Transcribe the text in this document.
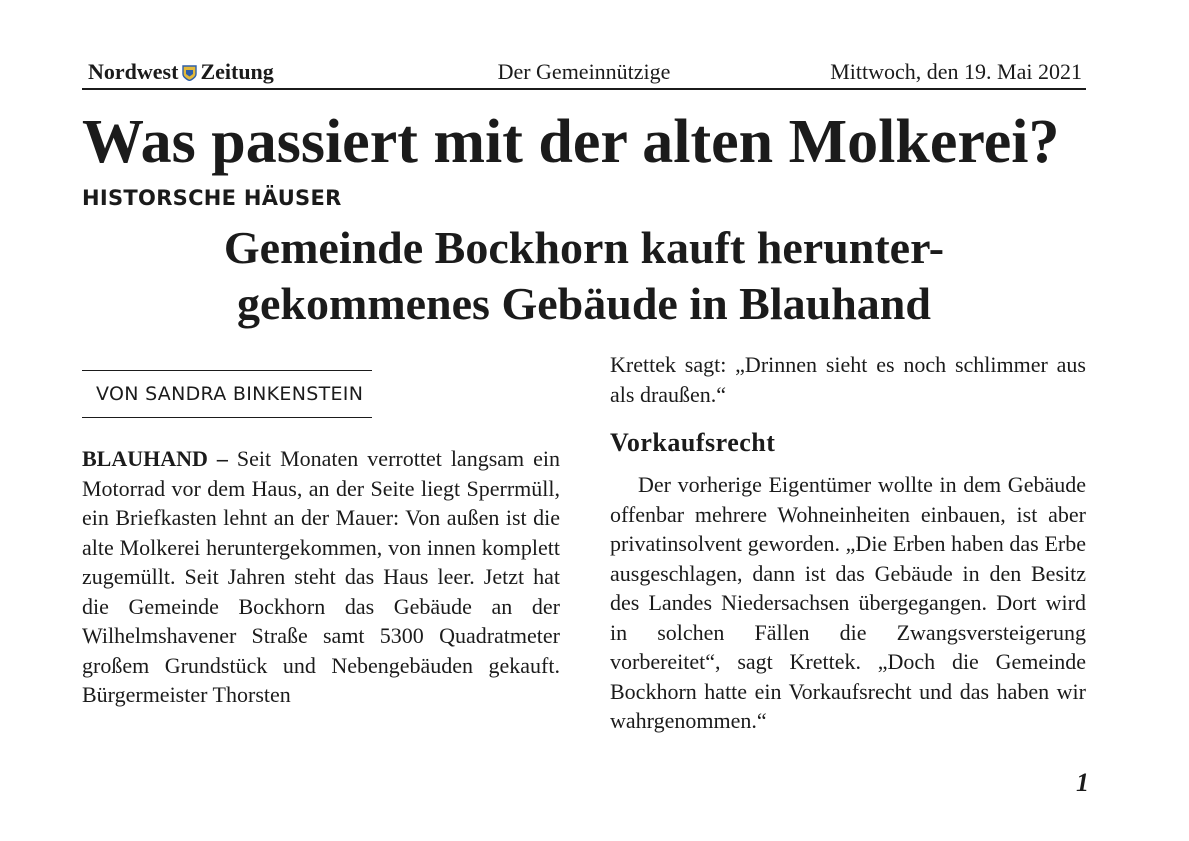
Nordwest Zeitung	Der Gemeinnützige	Mittwoch, den 19. Mai 2021
Was passiert mit der alten Molkerei?
HISTORSCHE HÄUSER
Gemeinde Bockhorn kauft herunter-
gekommenes Gebäude in Blauhand
VON SANDRA BINKENSTEIN
BLAUHAND – Seit Monaten verrottet langsam ein Motorrad vor dem Haus, an der Seite liegt Sperrmüll, ein Briefkasten lehnt an der Mauer: Von außen ist die alte Molkerei heruntergekommen, von innen komplett zugemüllt. Seit Jahren steht das Haus leer. Jetzt hat die Gemeinde Bockhorn das Gebäude an der Wilhelmshavener Straße samt 5300 Quadratmeter großem Grundstück und Nebengebäuden gekauft. Bürgermeister Thorsten
Krettek sagt: „Drinnen sieht es noch schlimmer aus als draußen.“
Vorkaufsrecht
Der vorherige Eigentümer wollte in dem Gebäude offenbar mehrere Wohneinheiten einbauen, ist aber privatinsolvent geworden. „Die Erben haben das Erbe ausgeschlagen, dann ist das Gebäude in den Besitz des Landes Niedersachsen übergegangen. Dort wird in solchen Fällen die Zwangsversteigerung vorbereitet“, sagt Krettek. „Doch die Gemeinde Bockhorn hatte ein Vorkaufsrecht und das haben wir wahrgenommen.“
1
